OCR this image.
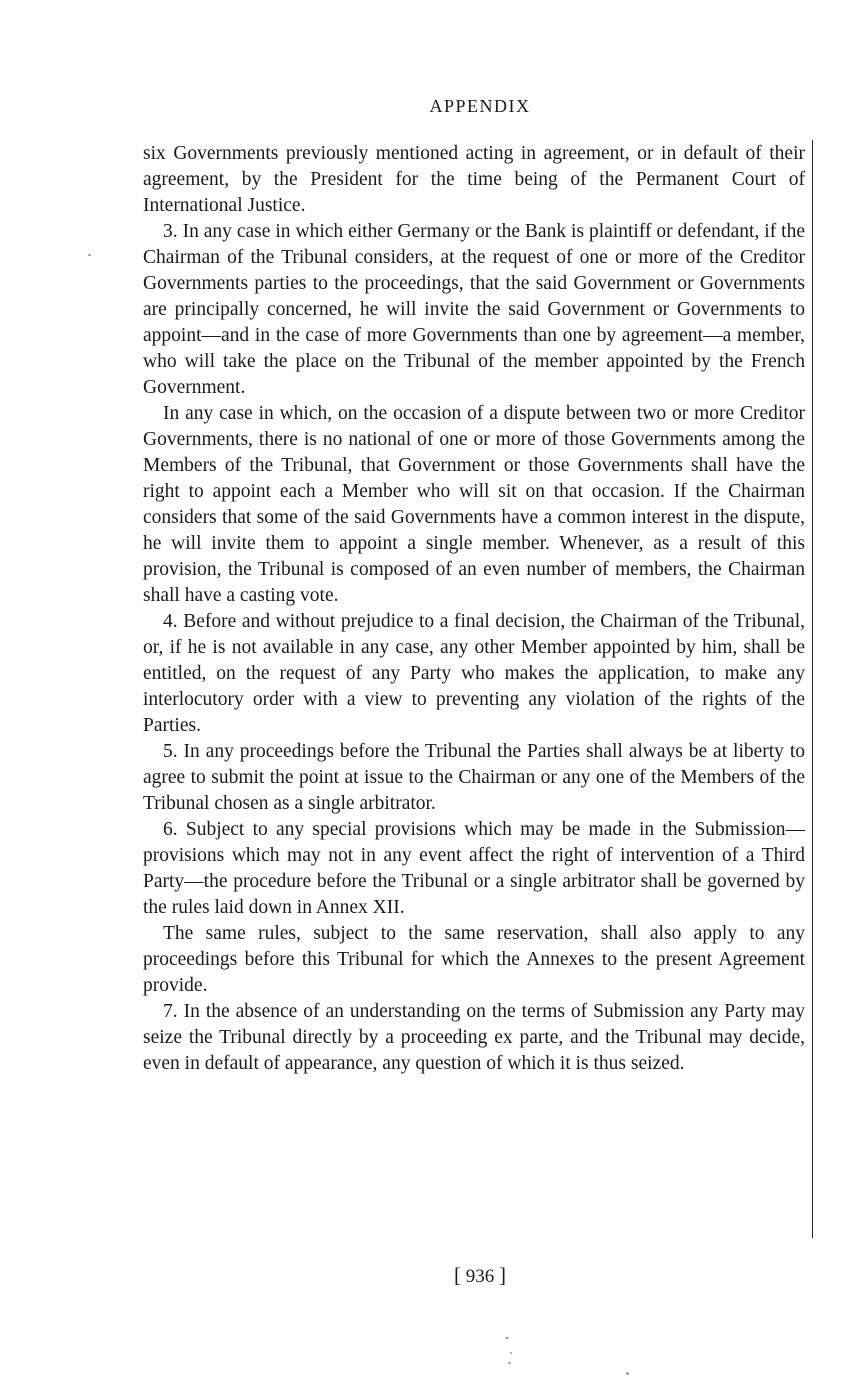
APPENDIX

six Governments previously mentioned acting in agreement, or in default of their agreement, by the President for the time being of the Permanent Court of International Justice.

3. In any case in which either Germany or the Bank is plaintiff or defendant, if the Chairman of the Tribunal considers, at the request of one or more of the Creditor Governments parties to the proceedings, that the said Government or Governments are principally concerned, he will invite the said Government or Governments to appoint—and in the case of more Governments than one by agreement—a member, who will take the place on the Tribunal of the member appointed by the French Government.

In any case in which, on the occasion of a dispute between two or more Creditor Governments, there is no national of one or more of those Governments among the Members of the Tribunal, that Government or those Governments shall have the right to appoint each a Member who will sit on that occasion. If the Chairman considers that some of the said Governments have a common interest in the dispute, he will invite them to appoint a single member. Whenever, as a result of this provision, the Tribunal is composed of an even number of members, the Chairman shall have a casting vote.

4. Before and without prejudice to a final decision, the Chairman of the Tribunal, or, if he is not available in any case, any other Member appointed by him, shall be entitled, on the request of any Party who makes the application, to make any interlocutory order with a view to preventing any violation of the rights of the Parties.

5. In any proceedings before the Tribunal the Parties shall always be at liberty to agree to submit the point at issue to the Chairman or any one of the Members of the Tribunal chosen as a single arbitrator.

6. Subject to any special provisions which may be made in the Submission—provisions which may not in any event affect the right of intervention of a Third Party—the procedure before the Tribunal or a single arbitrator shall be governed by the rules laid down in Annex XII.

The same rules, subject to the same reservation, shall also apply to any proceedings before this Tribunal for which the Annexes to the present Agreement provide.

7. In the absence of an understanding on the terms of Submission any Party may seize the Tribunal directly by a proceeding ex parte, and the Tribunal may decide, even in default of appearance, any question of which it is thus seized.

[ 936 ]
